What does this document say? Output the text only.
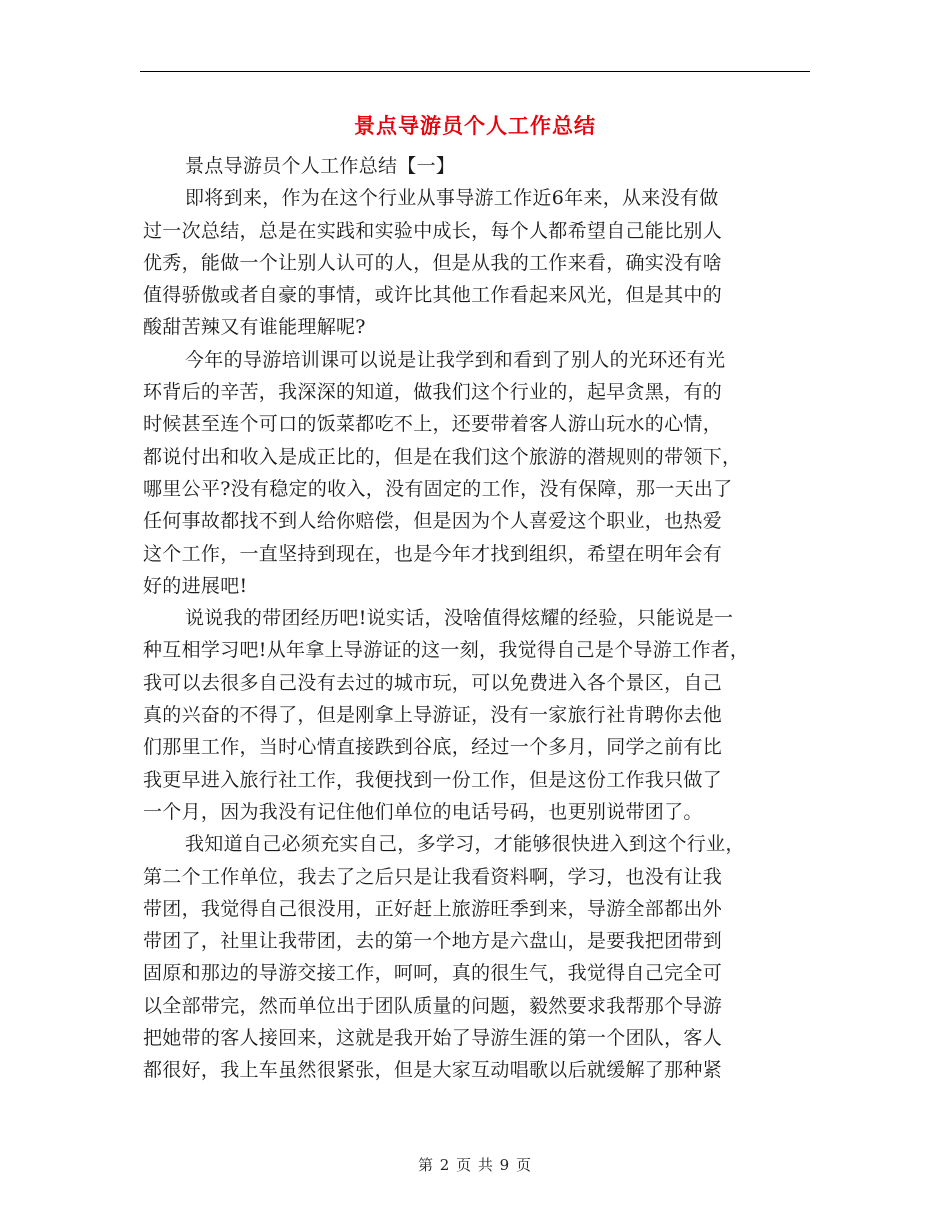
景点导游员个人工作总结
景点导游员个人工作总结【一】
即将到来，作为在这个行业从事导游工作近6年来，从来没有做
过一次总结，总是在实践和实验中成长，每个人都希望自己能比别人
优秀，能做一个让别人认可的人，但是从我的工作来看，确实没有啥
值得骄傲或者自豪的事情，或许比其他工作看起来风光，但是其中的
酸甜苦辣又有谁能理解呢?
今年的导游培训课可以说是让我学到和看到了别人的光环还有光
环背后的辛苦，我深深的知道，做我们这个行业的，起早贪黑，有的
时候甚至连个可口的饭菜都吃不上，还要带着客人游山玩水的心情，
都说付出和收入是成正比的，但是在我们这个旅游的潜规则的带领下，
哪里公平?没有稳定的收入，没有固定的工作，没有保障，那一天出了
任何事故都找不到人给你赔偿，但是因为个人喜爱这个职业，也热爱
这个工作，一直坚持到现在，也是今年才找到组织，希望在明年会有
好的进展吧!
说说我的带团经历吧!说实话，没啥值得炫耀的经验，只能说是一
种互相学习吧!从年拿上导游证的这一刻，我觉得自己是个导游工作者，
我可以去很多自己没有去过的城市玩，可以免费进入各个景区，自己
真的兴奋的不得了，但是刚拿上导游证，没有一家旅行社肯聘你去他
们那里工作，当时心情直接跌到谷底，经过一个多月，同学之前有比
我更早进入旅行社工作，我便找到一份工作，但是这份工作我只做了
一个月，因为我没有记住他们单位的电话号码，也更别说带团了。
我知道自己必须充实自己，多学习，才能够很快进入到这个行业，
第二个工作单位，我去了之后只是让我看资料啊，学习，也没有让我
带团，我觉得自己很没用，正好赶上旅游旺季到来，导游全部都出外
带团了，社里让我带团，去的第一个地方是六盘山，是要我把团带到
固原和那边的导游交接工作，呵呵，真的很生气，我觉得自己完全可
以全部带完，然而单位出于团队质量的问题，毅然要求我帮那个导游
把她带的客人接回来，这就是我开始了导游生涯的第一个团队，客人
都很好，我上车虽然很紧张，但是大家互动唱歌以后就缓解了那种紧
第 2 页 共 9 页
